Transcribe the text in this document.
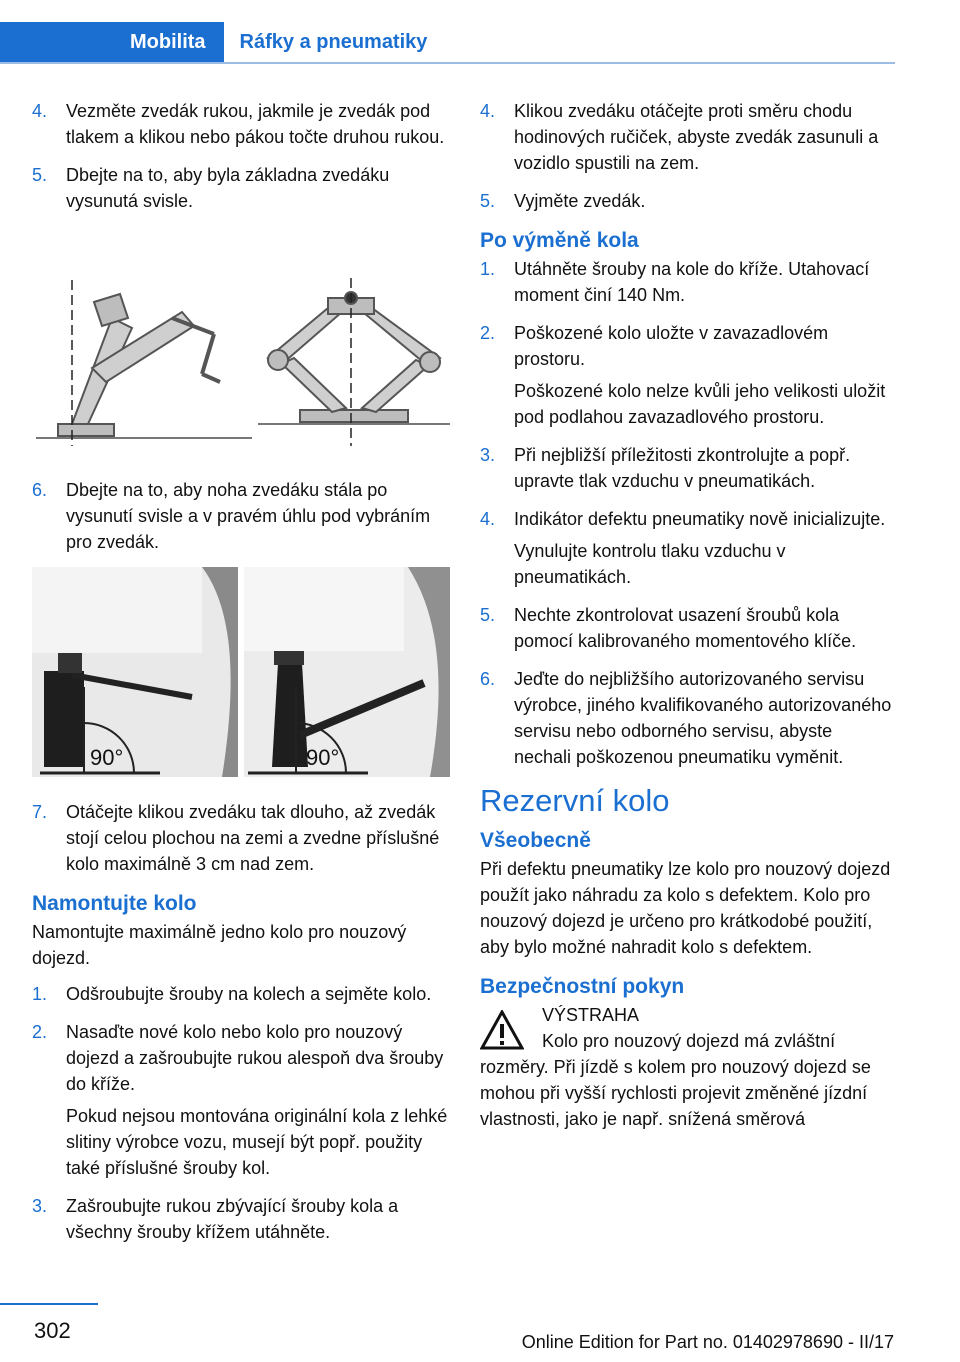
Mobilita	Ráfky a pneumatiky
4. Vezměte zvedák rukou, jakmile je zvedák pod tlakem a klikou nebo pákou točte druhou rukou.
5. Dbejte na to, aby byla základna zvedáku vysunutá svisle.
6. Dbejte na to, aby noha zvedáku stála po vysunutí svisle a v pravém úhlu pod vybráním pro zvedák.
90°	90°
7. Otáčejte klikou zvedáku tak dlouho, až zvedák stojí celou plochou na zemi a zvedne příslušné kolo maximálně 3 cm nad zem.
Namontujte kolo

Namontujte maximálně jedno kolo pro nouzový dojezd.

1. Odšroubujte šrouby na kolech a sejměte kolo.
2. Nasaďte nové kolo nebo kolo pro nouzový dojezd a zašroubujte rukou alespoň dva šrouby do kříže.

Pokud nejsou montována originální kola z lehké slitiny výrobce vozu, musejí být popř. použity také příslušné šrouby kol.

3. Zašroubujte rukou zbývající šrouby kola a všechny šrouby křížem utáhněte.
4. Klikou zvedáku otáčejte proti směru chodu hodinových ručiček, abyste zvedák zasunuli a vozidlo spustili na zem.
5. Vyjměte zvedák.
Po výměně kola
1. Utáhněte šrouby na kole do kříže. Utahovací moment činí 140 Nm.
2. Poškozené kolo uložte v zavazadlovém prostoru.

Poškozené kolo nelze kvůli jeho velikosti uložit pod podlahou zavazadlového prostoru.

3. Při nejbližší příležitosti zkontrolujte a popř. upravte tlak vzduchu v pneumatikách.
4. Indikátor defektu pneumatiky nově inicializujte.

Vynulujte kontrolu tlaku vzduchu v pneumatikách.

5. Nechte zkontrolovat usazení šroubů kola pomocí kalibrovaného momentového klíče.
6. Jeďte do nejbližšího autorizovaného servisu výrobce, jiného kvalifikovaného autorizovaného servisu nebo odborného servisu, abyste nechali poškozenou pneumatiku vyměnit.
Rezervní kolo
Všeobecně

Při defektu pneumatiky lze kolo pro nouzový dojezd použít jako náhradu za kolo s defektem. Kolo pro nouzový dojezd je určeno pro krátkodobé použití, aby bylo možné nahradit kolo s defektem.

Bezpečnostní pokyn
VÝSTRAHA

Kolo pro nouzový dojezd má zvláštní rozměry. Při jízdě s kolem pro nouzový dojezd se mohou při vyšší rychlosti projevit změněné jízdní vlastnosti, jako je např. snížená směrová

302	Online Edition for Part no. 01402978690 - II/17
